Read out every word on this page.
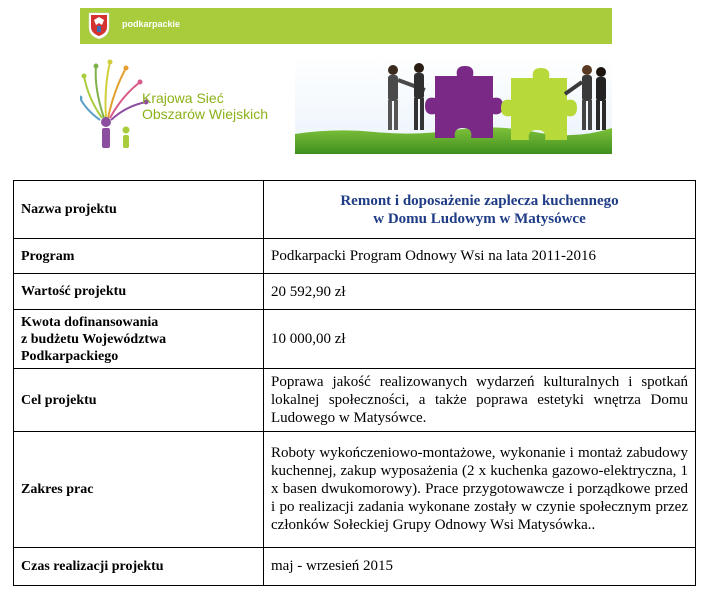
podkarpackie
Krajowa Sieć
Obszarów Wiejskich
Nazwa projektu	Remont i doposażenie zaplecza kuchennego
w Domu Ludowym w Matysówce

Program	Podkarpacki Program Odnowy Wsi na lata 2011-2016
Wartość projektu	20 592,90 zł

Kwota dofinansowania
z budżetu Województwa
Podkarpackiego	10 000,00 zł
Cel projektu	Poprawa jakość realizowanych wydarzeń kulturalnych i spotkań lokalnej społeczności, a także poprawa estetyki wnętrza Domu Ludowego w Matysówce.
Zakres prac	Roboty wykończeniowo-montażowe, wykonanie i montaż zabudowy kuchennej, zakup wyposażenia (2 x kuchenka gazowo-elektryczna, 1 x basen dwukomorowy). Prace przygotowawcze i porządkowe przed i po realizacji zadania wykonane zostały w czynie społecznym przez członków Sołeckiej Grupy Odnowy Wsi Matysówka..
Czas realizacji projektu	maj - wrzesień 2015
